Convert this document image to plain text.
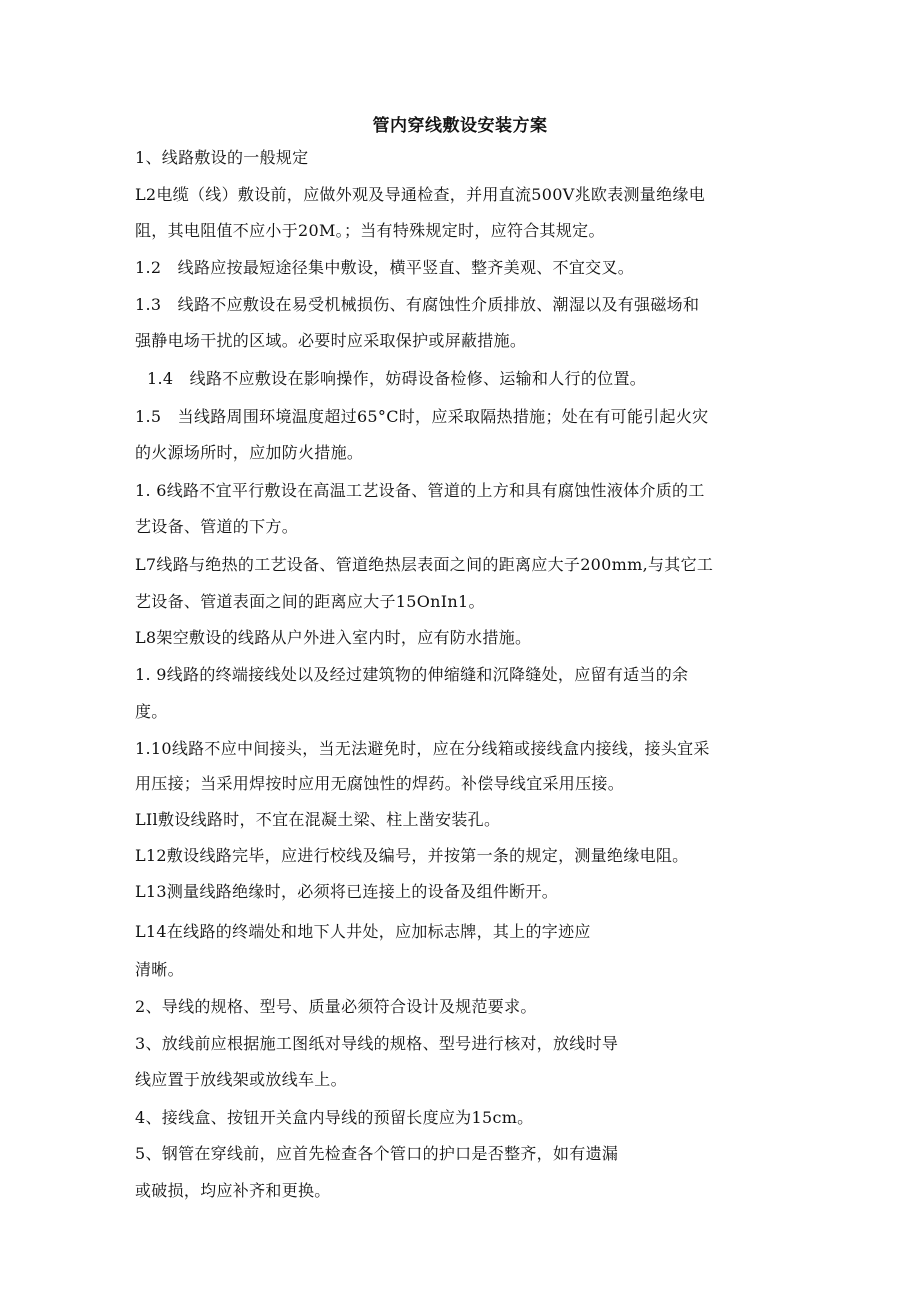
管内穿线敷设安装方案
1、线路敷设的一般规定
L2电缆（线）敷设前，应做外观及导通检查，并用直流500V兆欧表测量绝缘电
阻，其电阻值不应小于20M。；当有特殊规定时，应符合其规定。
1.2　线路应按最短途径集中敷设，横平竖直、整齐美观、不宜交叉。
1.3　线路不应敷设在易受机械损伤、有腐蚀性介质排放、潮湿以及有强磁场和
强静电场干扰的区域。必要时应采取保护或屏蔽措施。
1.4　线路不应敷设在影响操作，妨碍设备检修、运输和人行的位置。
1.5　当线路周围环境温度超过65°C时，应采取隔热措施；处在有可能引起火灾
的火源场所时，应加防火措施。
1. 6线路不宜平行敷设在高温工艺设备、管道的上方和具有腐蚀性液体介质的工
艺设备、管道的下方。
L7线路与绝热的工艺设备、管道绝热层表面之间的距离应大子200mm,与其它工
艺设备、管道表面之间的距离应大子15OnIn1。
L8架空敷设的线路从户外进入室内时，应有防水措施。
1. 9线路的终端接线处以及经过建筑物的伸缩缝和沉降缝处，应留有适当的余
度。
1.10线路不应中间接头，当无法避免时，应在分线箱或接线盒内接线，接头宜采
用压接；当采用焊按时应用无腐蚀性的焊药。补偿导线宜采用压接。
LIl敷设线路时，不宜在混凝土梁、柱上凿安装孔。
L12敷设线路完毕，应进行校线及编号，并按第一条的规定，测量绝缘电阻。
L13测量线路绝缘时，必须将已连接上的设备及组件断开。
L14在线路的终端处和地下人井处，应加标志牌，其上的字迹应
清晰。
2、导线的规格、型号、质量必须符合设计及规范要求。
3、放线前应根据施工图纸对导线的规格、型号进行核对，放线时导
线应置于放线架或放线车上。
4、接线盒、按钮开关盒内导线的预留长度应为15cm。
5、钢管在穿线前，应首先检查各个管口的护口是否整齐，如有遗漏
或破损，均应补齐和更换。
